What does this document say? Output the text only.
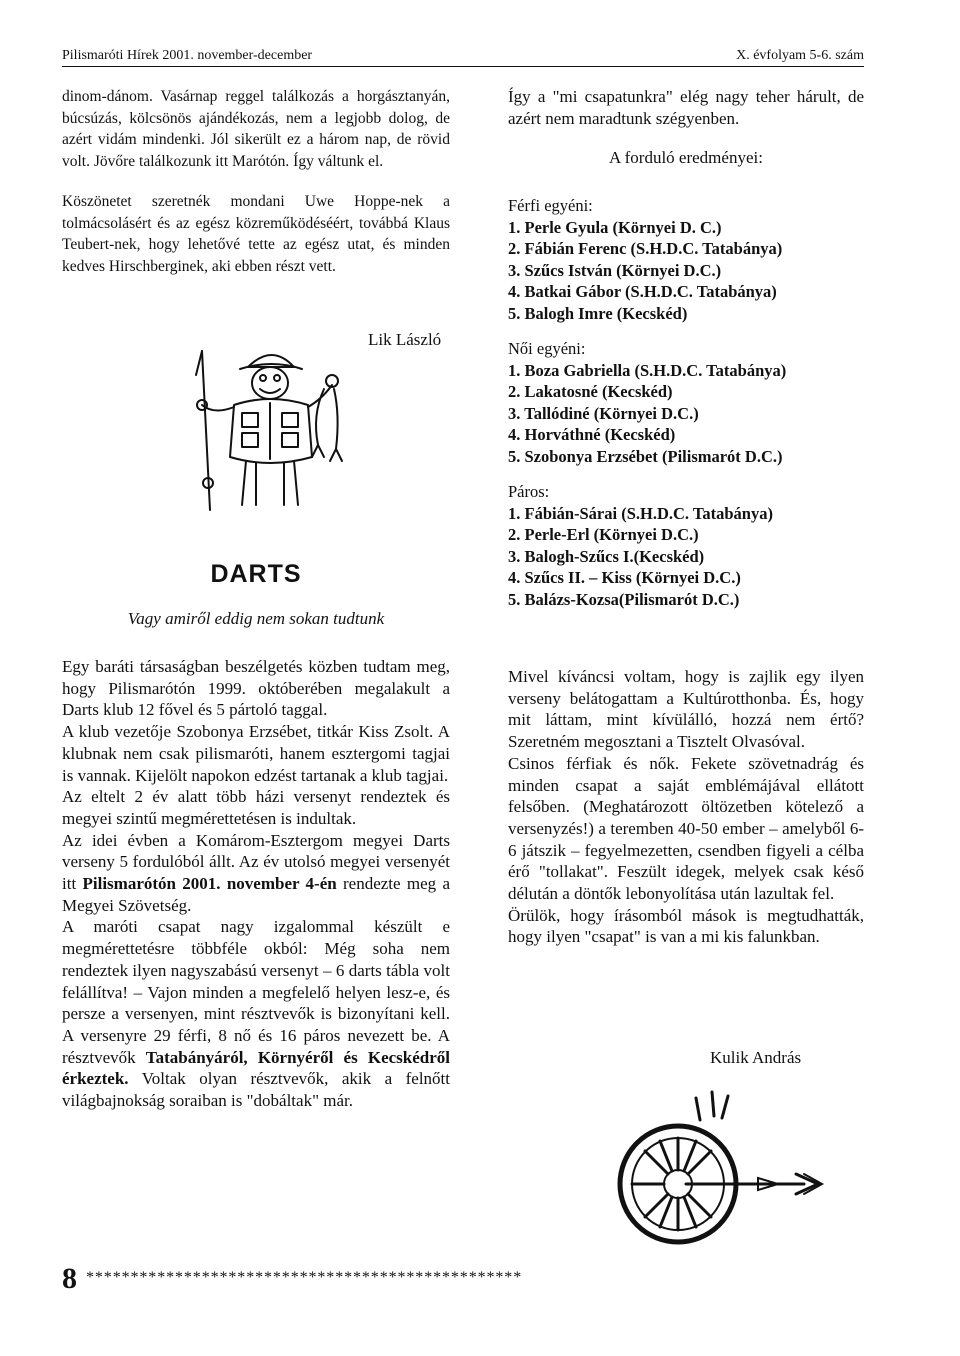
Pilismaróti Hírek 2001. november-december	X. évfolyam 5-6. szám

dinom-dánom. Vasárnap reggel találkozás a horgásztanyán, búcsúzás, kölcsönös ajándékozás, nem a legjobb dolog, de azért vidám mindenki. Jól sikerült ez a három nap, de rövid volt. Jövőre találkozunk itt Marótón. Így váltunk el.

Köszönetet szeretnék mondani Uwe Hoppe-nek a tolmácsolásért és az egész közreműködéséért, továbbá Klaus Teubert-nek, hogy lehetővé tette az egész utat, és minden kedves Hirschberginek, aki ebben részt vett.

Lik László
DARTS
Vagy amiről eddig nem sokan tudtunk

Egy baráti társaságban beszélgetés közben tudtam meg, hogy Pilismarótón 1999. októberében megalakult a Darts klub 12 fővel és 5 pártoló taggal.

A klub vezetője Szobonya Erzsébet, titkár Kiss Zsolt. A klubnak nem csak pilismaróti, hanem esztergomi tagjai is vannak. Kijelölt napokon edzést tartanak a klub tagjai.

Az eltelt 2 év alatt több házi versenyt rendeztek és megyei szintű megmérettetésen is indultak.

Az idei évben a Komárom-Esztergom megyei Darts verseny 5 fordulóból állt. Az év utolsó megyei versenyét itt Pilismarótón 2001. november 4-én rendezte meg a Megyei Szövetség.

A maróti csapat nagy izgalommal készült e megmérettetésre többféle okból: Még soha nem rendeztek ilyen nagyszabású versenyt – 6 darts tábla volt felállítva! – Vajon minden a megfelelő helyen lesz-e, és persze a versenyen, mint résztvevők is bizonyítani kell. A versenyre 29 férfi, 8 nő és 16 páros nevezett be. A résztvevők Tatabányáról, Környéről és Kecskédről érkeztek. Voltak olyan résztvevők, akik a felnőtt világbajnokság soraiban is "dobáltak" már.

Így a "mi csapatunkra" elég nagy teher hárult, de azért nem maradtunk szégyenben.

A forduló eredményei:

Férfi egyéni:

1. Perle Gyula (Környei D. C.)

2. Fábián Ferenc (S.H.D.C. Tatabánya)

3. Szűcs István (Környei D.C.)

4. Batkai Gábor (S.H.D.C. Tatabánya)

5. Balogh Imre (Kecskéd)

Női egyéni:

1. Boza Gabriella (S.H.D.C. Tatabánya)

2. Lakatosné (Kecskéd)

3. Tallódiné (Környei D.C.)

4. Horváthné (Kecskéd)

5. Szobonya Erzsébet (Pilismarót D.C.)

Páros:

1. Fábián-Sárai (S.H.D.C. Tatabánya)

2. Perle-Erl (Környei D.C.)

3. Balogh-Szűcs I.(Kecskéd)

4. Szűcs II. – Kiss (Környei D.C.)

5. Balázs-Kozsa(Pilismarót D.C.)

Mivel kíváncsi voltam, hogy is zajlik egy ilyen verseny belátogattam a Kultúrotthonba. És, hogy mit láttam, mint kívülálló, hozzá nem értő? Szeretném megosztani a Tisztelt Olvasóval.

Csinos férfiak és nők. Fekete szövetnadrág és minden csapat a saját emblémájával ellátott felsőben. (Meghatározott öltözetben kötelező a versenyzés!) a teremben 40-50 ember – amelyből 6-6 játszik – fegyelmezetten, csendben figyeli a célba érő "tollakat". Feszült idegek, melyek csak késő délután a döntők lebonyolítása után lazultak fel.

Örülök, hogy írásomból mások is megtudhatták, hogy ilyen "csapat" is van a mi kis falunkban.

Kulik András
8 *************************************************
